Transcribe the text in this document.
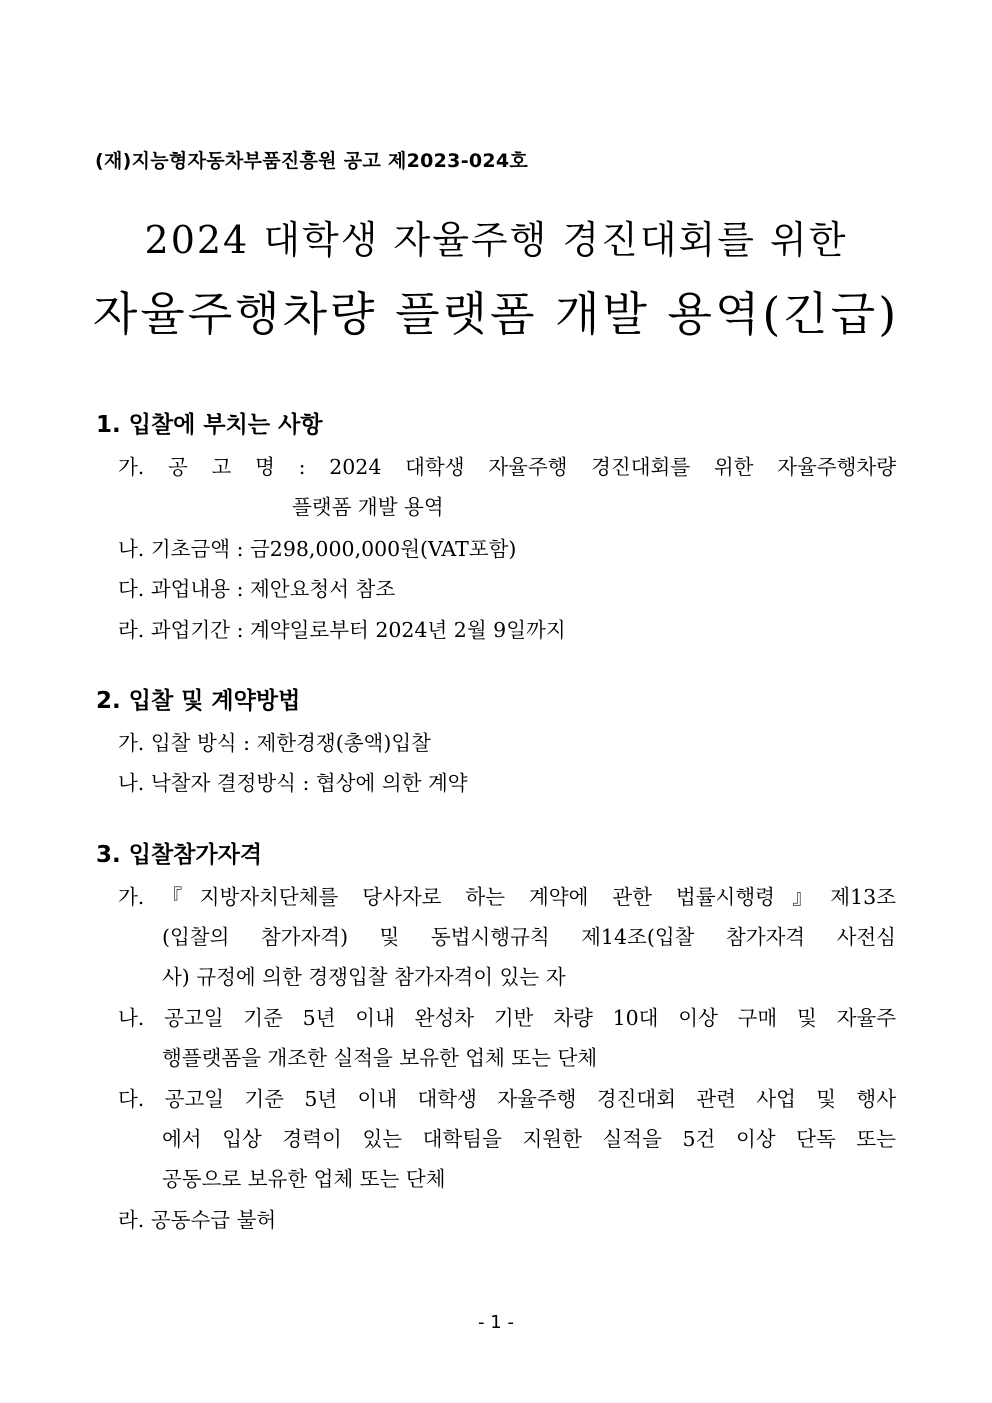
(재)지능형자동차부품진흥원 공고 제2023-024호
2024 대학생 자율주행 경진대회를 위한
자율주행차량 플랫폼 개발 용역(긴급)
1. 입찰에 부치는 사항
가. 공 고 명 : 2024 대학생 자율주행 경진대회를 위한 자율주행차량
플랫폼 개발 용역
나. 기초금액 : 금298,000,000원(VAT포함)
다. 과업내용 : 제안요청서 참조
라. 과업기간 : 계약일로부터 2024년 2월 9일까지
2. 입찰 및 계약방법
가. 입찰 방식 : 제한경쟁(총액)입찰
나. 낙찰자 결정방식 : 협상에 의한 계약
3. 입찰참가자격
가.『지방자치단체를 당사자로 하는 계약에 관한 법률시행령』제13조
(입찰의 참가자격) 및 동법시행규칙 제14조(입찰 참가자격 사전심
사) 규정에 의한 경쟁입찰 참가자격이 있는 자
나. 공고일 기준 5년 이내 완성차 기반 차량 10대 이상 구매 및 자율주
행플랫폼을 개조한 실적을 보유한 업체 또는 단체
다. 공고일 기준 5년 이내 대학생 자율주행 경진대회 관련 사업 및 행사
에서 입상 경력이 있는 대학팀을 지원한 실적을 5건 이상 단독 또는
공동으로 보유한 업체 또는 단체
라. 공동수급 불허
- 1 -
